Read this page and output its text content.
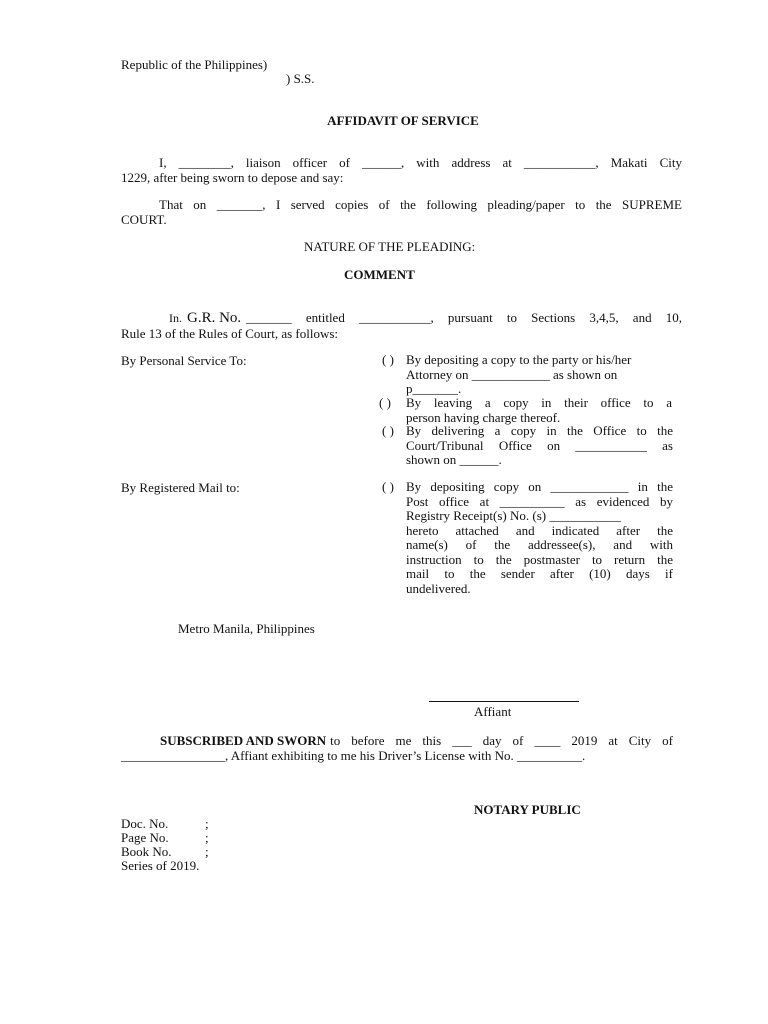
Republic of the Philippines)
) S.S.
AFFIDAVIT OF SERVICE
I, ________, liaison officer of ______, with address at ___________, Makati City
1229, after being sworn to depose and say:
That on _______, I served copies of the following pleading/paper to the SUPREME
COURT.
NATURE OF THE PLEADING:
COMMENT
In. G.R. No. _______ entitled ___________, pursuant to Sections 3,4,5, and 10,
Rule 13 of the Rules of Court, as follows:
By Personal Service To:	( ) By depositing a copy to the party or his/her
Attorney on ____________ as shown on
p_______.
( ) By leaving a copy in their office to a
person having charge thereof.
( ) By delivering a copy in the Office to the
Court/Tribunal Office on ___________ as
shown on ______.
By Registered Mail to:	( ) By depositing copy on ____________ in the
Post office at __________ as evidenced by
Registry Receipt(s) No. (s) ___________
hereto attached and indicated after the
name(s) of the addressee(s), and with
instruction to the postmaster to return the
mail to the sender after (10) days if
undelivered.
Metro Manila, Philippines
Affiant
SUBSCRIBED AND SWORN to before me this ___ day of ____ 2019 at City of
________________, Affiant exhibiting to me his Driver’s License with No. __________.
NOTARY PUBLIC
Doc. No.	;
Page No.	;
Book No.	;
Series of 2019.
